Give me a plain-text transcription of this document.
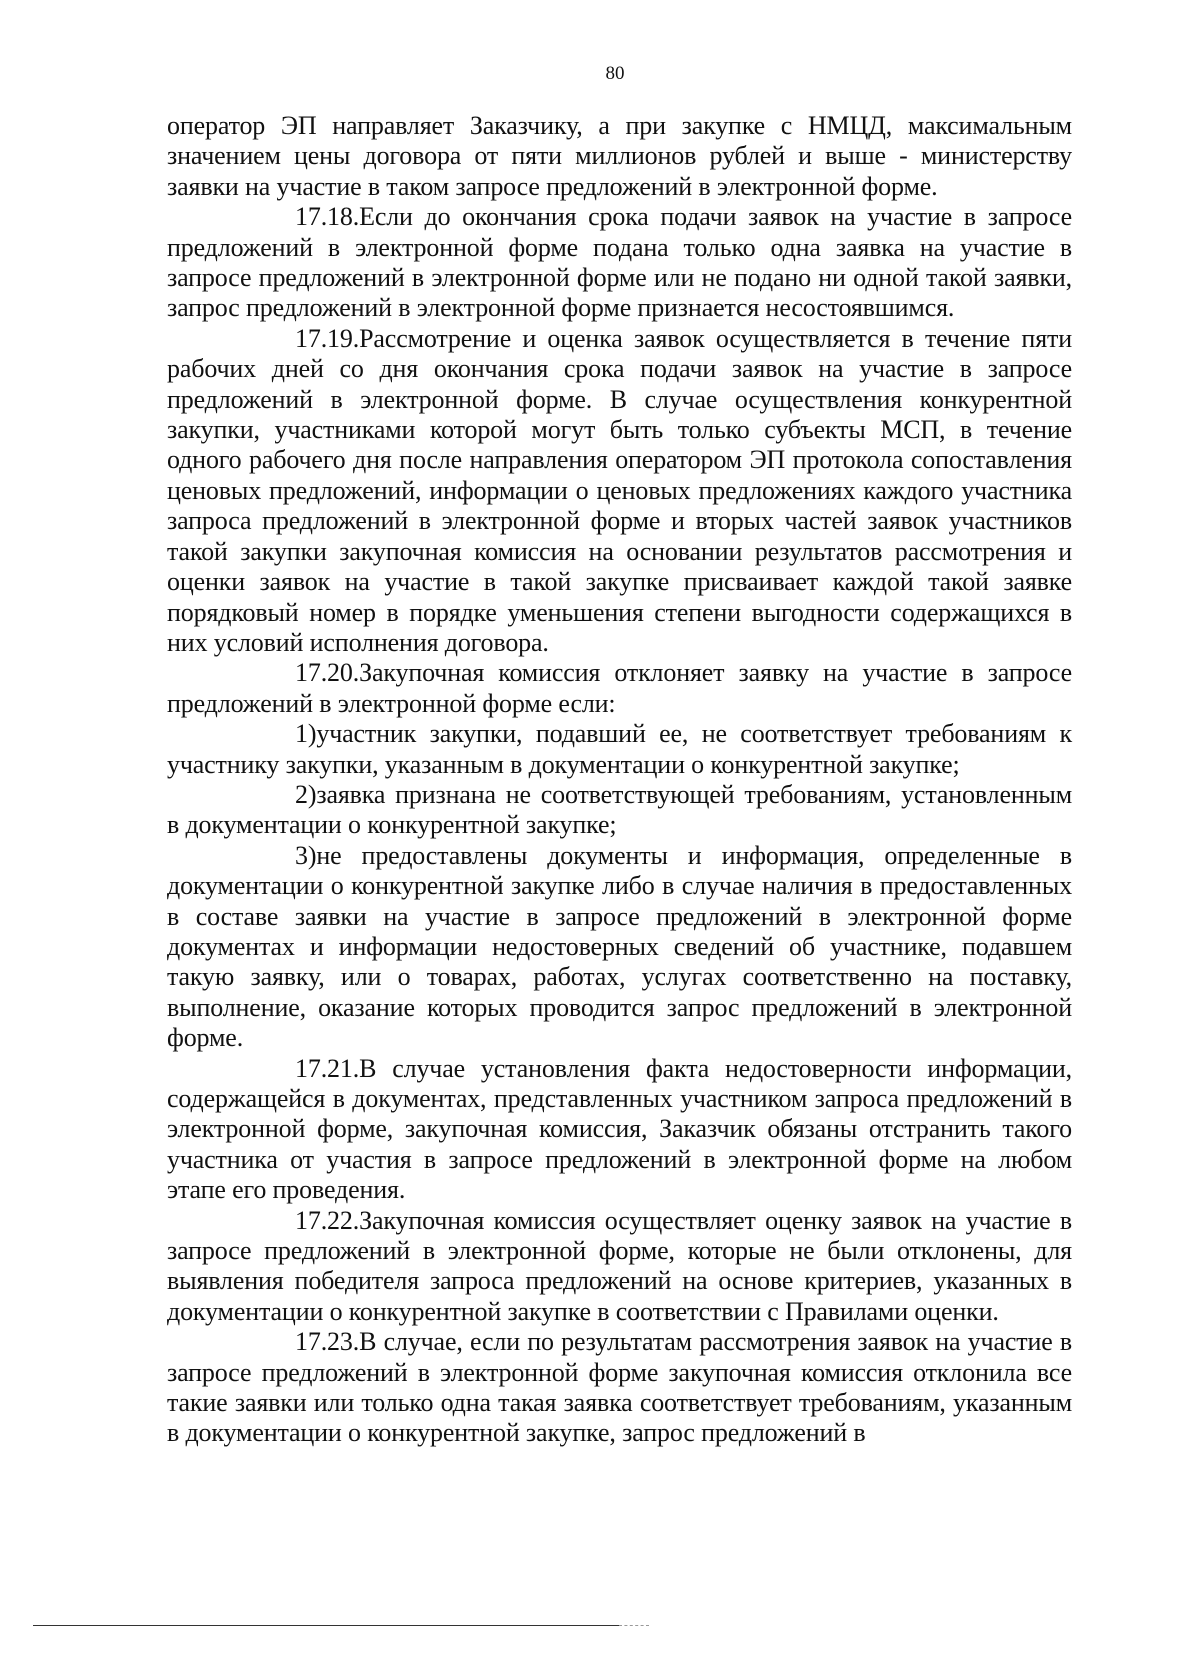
80

оператор ЭП направляет Заказчику, а при закупке с НМЦД, максимальным значением цены договора от пяти миллионов рублей и выше - министерству заявки на участие в таком запросе предложений в электронной форме.

17.18.Если до окончания срока подачи заявок на участие в запросе предложений в электронной форме подана только одна заявка на участие в запросе предложений в электронной форме или не подано ни одной такой заявки, запрос предложений в электронной форме признается несостоявшимся.

17.19.Рассмотрение и оценка заявок осуществляется в течение пяти рабочих дней со дня окончания срока подачи заявок на участие в запросе предложений в электронной форме. В случае осуществления конкурентной закупки, участниками которой могут быть только субъекты МСП, в течение одного рабочего дня после направления оператором ЭП протокола сопоставления ценовых предложений, информации о ценовых предложениях каждого участника запроса предложений в электронной форме и вторых частей заявок участников такой закупки закупочная комиссия на основании результатов рассмотрения и оценки заявок на участие в такой закупке присваивает каждой такой заявке порядковый номер в порядке уменьшения степени выгодности содержащихся в них условий исполнения договора.

17.20.Закупочная комиссия отклоняет заявку на участие в запросе предложений в электронной форме если:

1)участник закупки, подавший ее, не соответствует требованиям к участнику закупки, указанным в документации о конкурентной закупке;

2)заявка признана не соответствующей требованиям, установленным в документации о конкурентной закупке;

3)не предоставлены документы и информация, определенные в документации о конкурентной закупке либо в случае наличия в предоставленных в составе заявки на участие в запросе предложений в электронной форме документах и информации недостоверных сведений об участнике, подавшем такую заявку, или о товарах, работах, услугах соответственно на поставку, выполнение, оказание которых проводится запрос предложений в электронной форме.

17.21.В случае установления факта недостоверности информации, содержащейся в документах, представленных участником запроса предложений в электронной форме, закупочная комиссия, Заказчик обязаны отстранить такого участника от участия в запросе предложений в электронной форме на любом этапе его проведения.

17.22.Закупочная комиссия осуществляет оценку заявок на участие в запросе предложений в электронной форме, которые не были отклонены, для выявления победителя запроса предложений на основе критериев, указанных в документации о конкурентной закупке в соответствии с Правилами оценки.

17.23.В случае, если по результатам рассмотрения заявок на участие в запросе предложений в электронной форме закупочная комиссия отклонила все такие заявки или только одна такая заявка соответствует требованиям, указанным в документации о конкурентной закупке, запрос предложений в
